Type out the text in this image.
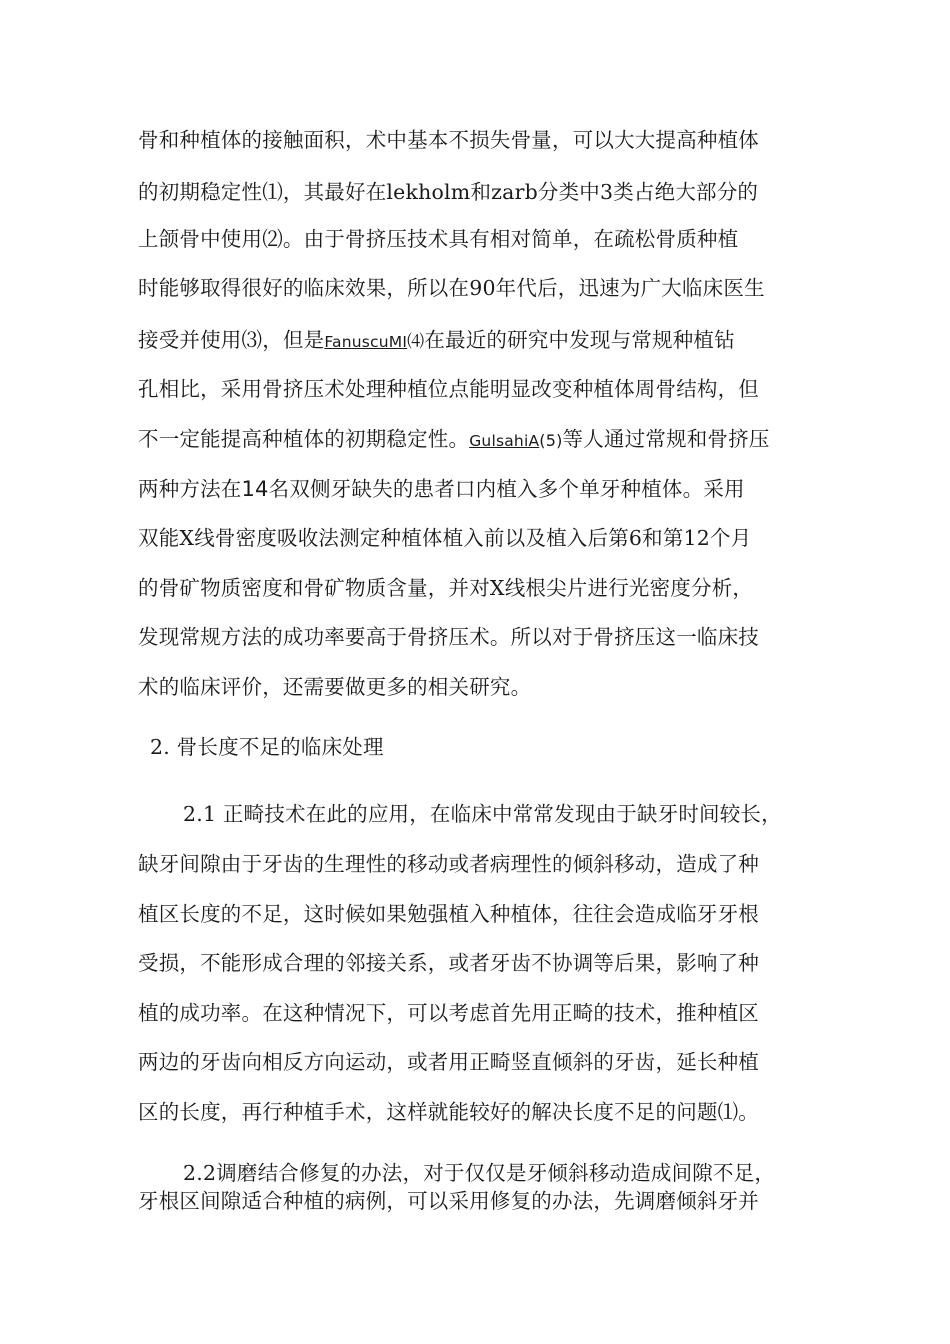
骨和种植体的接触面积，术中基本不损失骨量，可以大大提高种植体
的初期稳定性⑴，其最好在lekholm和zarb分类中3类占绝大部分的
上颌骨中使用⑵。由于骨挤压技术具有相对简单，在疏松骨质种植
时能够取得很好的临床效果，所以在90年代后，迅速为广大临床医生
接受并使用⑶，但是FanuscuMI⑷在最近的研究中发现与常规种植钻
孔相比，采用骨挤压术处理种植位点能明显改变种植体周骨结构，但
不一定能提高种植体的初期稳定性。GulsahiA(5)等人通过常规和骨挤压
两种方法在14名双侧牙缺失的患者口内植入多个单牙种植体。采用
双能X线骨密度吸收法测定种植体植入前以及植入后第6和第12个月
的骨矿物质密度和骨矿物质含量，并对X线根尖片进行光密度分析，
发现常规方法的成功率要高于骨挤压术。所以对于骨挤压这一临床技
术的临床评价，还需要做更多的相关研究。
2. 骨长度不足的临床处理
2.1 正畸技术在此的应用，在临床中常常发现由于缺牙时间较长，
缺牙间隙由于牙齿的生理性的移动或者病理性的倾斜移动，造成了种
植区长度的不足，这时候如果勉强植入种植体，往往会造成临牙牙根
受损，不能形成合理的邻接关系，或者牙齿不协调等后果，影响了种
植的成功率。在这种情况下，可以考虑首先用正畸的技术，推种植区
两边的牙齿向相反方向运动，或者用正畸竖直倾斜的牙齿，延长种植
区的长度，再行种植手术，这样就能较好的解决长度不足的问题⑴。
2.2调磨结合修复的办法，对于仅仅是牙倾斜移动造成间隙不足，
牙根区间隙适合种植的病例，可以采用修复的办法，先调磨倾斜牙并
